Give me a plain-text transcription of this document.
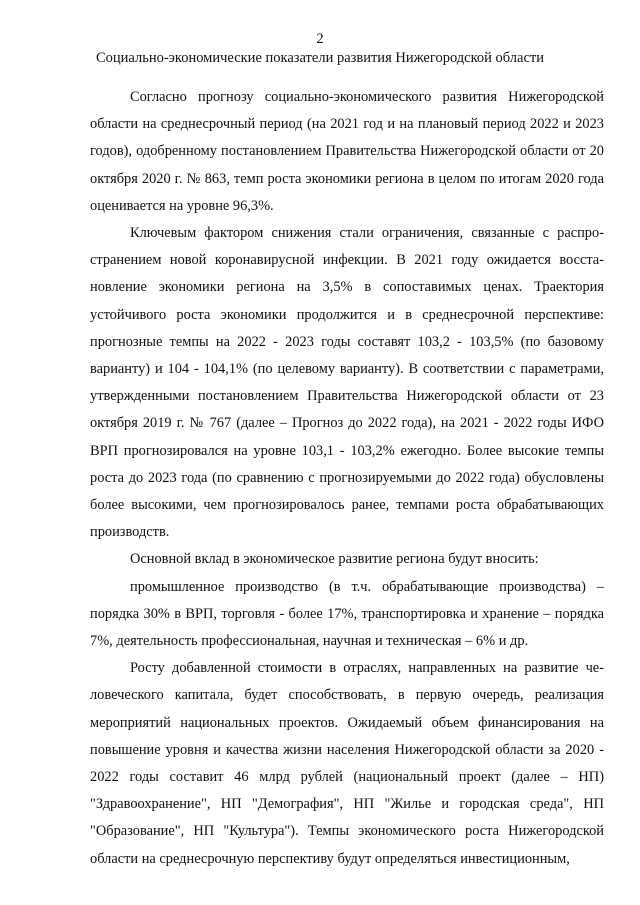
2
Социально-экономические показатели развития Нижегородской области

Согласно прогнозу социально-экономического развития Нижегородской области на среднесрочный период (на 2021 год и на плановый период 2022 и 2023 годов), одобренному постановлением Правительства Нижегородской области от 20 октября 2020 г. № 863, темп роста экономики региона в целом по итогам 2020 года оценивается на уровне 96,3%.

Ключевым фактором снижения стали ограничения, связанные с распространением новой коронавирусной инфекции. В 2021 году ожидается восстановление экономики региона на 3,5% в сопоставимых ценах. Траектория устойчивого роста экономики продолжится и в среднесрочной перспективе: прогнозные темпы на 2022 - 2023 годы составят 103,2 - 103,5% (по базовому варианту) и 104 - 104,1% (по целевому варианту). В соответствии с параметрами, утвержденными постановлением Правительства Нижегородской области от 23 октября 2019 г. № 767 (далее – Прогноз до 2022 года), на 2021 - 2022 годы ИФО ВРП прогнозировался на уровне 103,1 - 103,2% ежегодно. Более высокие темпы роста до 2023 года (по сравнению с прогнозируемыми до 2022 года) обусловлены более высокими, чем прогнозировалось ранее, темпами роста обрабатывающих производств.

Основной вклад в экономическое развитие региона будут вносить:

промышленное производство (в т.ч. обрабатывающие производства) – порядка 30% в ВРП, торговля - более 17%, транспортировка и хранение – порядка 7%, деятельность профессиональная, научная и техническая – 6% и др.

Росту добавленной стоимости в отраслях, направленных на развитие человеческого капитала, будет способствовать, в первую очередь, реализация мероприятий национальных проектов. Ожидаемый объем финансирования на повышение уровня и качества жизни населения Нижегородской области за 2020 - 2022 годы составит 46 млрд рублей (национальный проект (далее – НП) "Здравоохранение", НП "Демография", НП "Жилье и городская среда", НП "Образование", НП "Культура"). Темпы экономического роста Нижегородской области на среднесрочную перспективу будут определяться инвестиционным,
